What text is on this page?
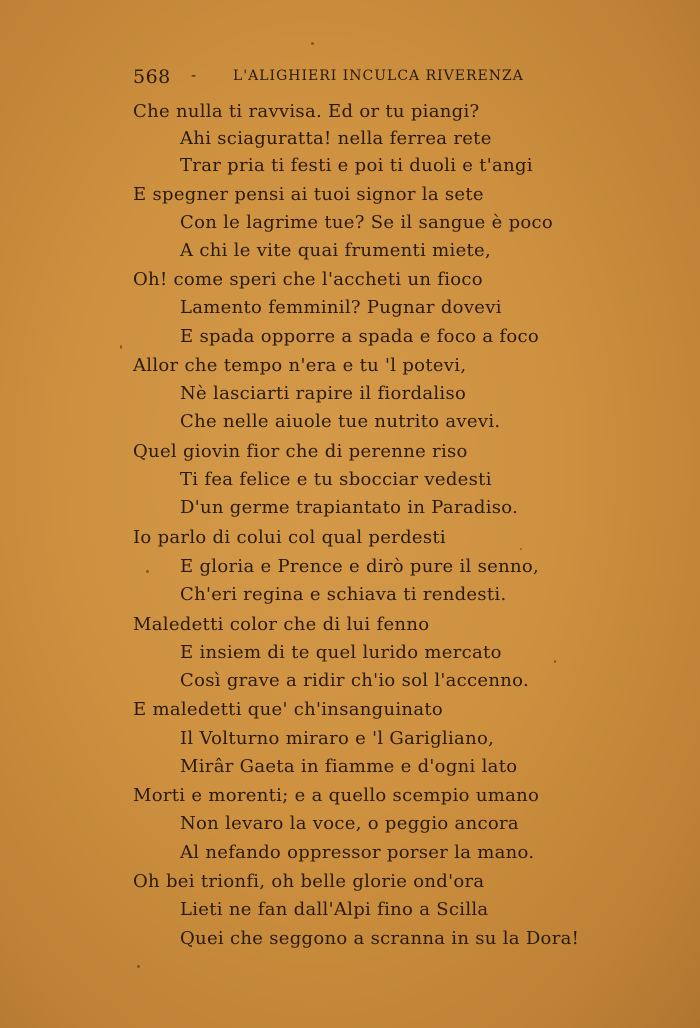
568 -	L'ALIGHIERI INCULCA RIVERENZA
Che nulla ti ravvisa. Ed or tu piangi?
Ahi sciaguratta! nella ferrea rete
Trar pria ti festi e poi ti duoli e t'angi
E spegner pensi ai tuoi signor la sete
Con le lagrime tue? Se il sangue è poco
A chi le vite quai frumenti miete,
Oh! come speri che l'accheti un fioco
Lamento femminil? Pugnar dovevi
E spada opporre a spada e foco a foco
Allor che tempo n'era e tu 'l potevi,
Nè lasciarti rapire il fiordaliso
Che nelle aiuole tue nutrito avevi.
Quel giovin fior che di perenne riso
Ti fea felice e tu sbocciar vedesti
D'un germe trapiantato in Paradiso.
Io parlo di colui col qual perdesti
E gloria e Prence e dirò pure il senno,
Ch'eri regina e schiava ti rendesti.
Maledetti color che di lui fenno
E insiem di te quel lurido mercato
Così grave a ridir ch'io sol l'accenno.
E maledetti que' ch'insanguinato
Il Volturno miraro e 'l Garigliano,
Mirâr Gaeta in fiamme e d'ogni lato
Morti e morenti; e a quello scempio umano
Non levaro la voce, o peggio ancora
Al nefando oppressor porser la mano.
Oh bei trionfi, oh belle glorie ond'ora
Lieti ne fan dall'Alpi fino a Scilla
Quei che seggono a scranna in su la Dora!
